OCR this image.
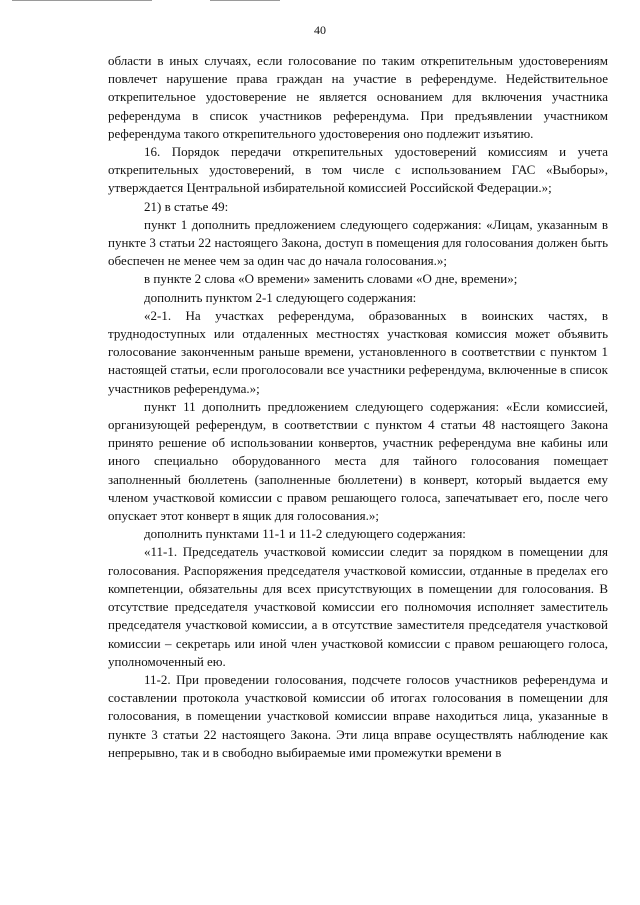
40

области в иных случаях, если голосование по таким открепительным удостоверениям повлечет нарушение права граждан на участие в референдуме. Недействительное открепительное удостоверение не является основанием для включения участника референдума в список участников референдума. При предъявлении участником референдума такого открепительного удостоверения оно подлежит изъятию.

16. Порядок передачи открепительных удостоверений комиссиям и учета открепительных удостоверений, в том числе с использованием ГАС «Выборы», утверждается Центральной избирательной комиссией Российской Федерации.»;

21) в статье 49:

пункт 1 дополнить предложением следующего содержания: «Лицам, указанным в пункте 3 статьи 22 настоящего Закона, доступ в помещения для голосования должен быть обеспечен не менее чем за один час до начала голосования.»;

в пункте 2 слова «О времени» заменить словами «О дне, времени»;

дополнить пунктом 2-1 следующего содержания:

«2-1. На участках референдума, образованных в воинских частях, в труднодоступных или отдаленных местностях участковая комиссия может объявить голосование законченным раньше времени, установленного в соответствии с пунктом 1 настоящей статьи, если проголосовали все участники референдума, включенные в список участников референдума.»;

пункт 11 дополнить предложением следующего содержания: «Если комиссией, организующей референдум, в соответствии с пунктом 4 статьи 48 настоящего Закона принято решение об использовании конвертов, участник референдума вне кабины или иного специально оборудованного места для тайного голосования помещает заполненный бюллетень (заполненные бюллетени) в конверт, который выдается ему членом участковой комиссии с правом решающего голоса, запечатывает его, после чего опускает этот конверт в ящик для голосования.»;

дополнить пунктами 11-1 и 11-2 следующего содержания:

«11-1. Председатель участковой комиссии следит за порядком в помещении для голосования. Распоряжения председателя участковой комиссии, отданные в пределах его компетенции, обязательны для всех присутствующих в помещении для голосования. В отсутствие председателя участковой комиссии его полномочия исполняет заместитель председателя участковой комиссии, а в отсутствие заместителя председателя участковой комиссии – секретарь или иной член участковой комиссии с правом решающего голоса, уполномоченный ею.

11-2. При проведении голосования, подсчете голосов участников референдума и составлении протокола участковой комиссии об итогах голосования в помещении для голосования, в помещении участковой комиссии вправе находиться лица, указанные в пункте 3 статьи 22 настоящего Закона. Эти лица вправе осуществлять наблюдение как непрерывно, так и в свободно выбираемые ими промежутки времени в
